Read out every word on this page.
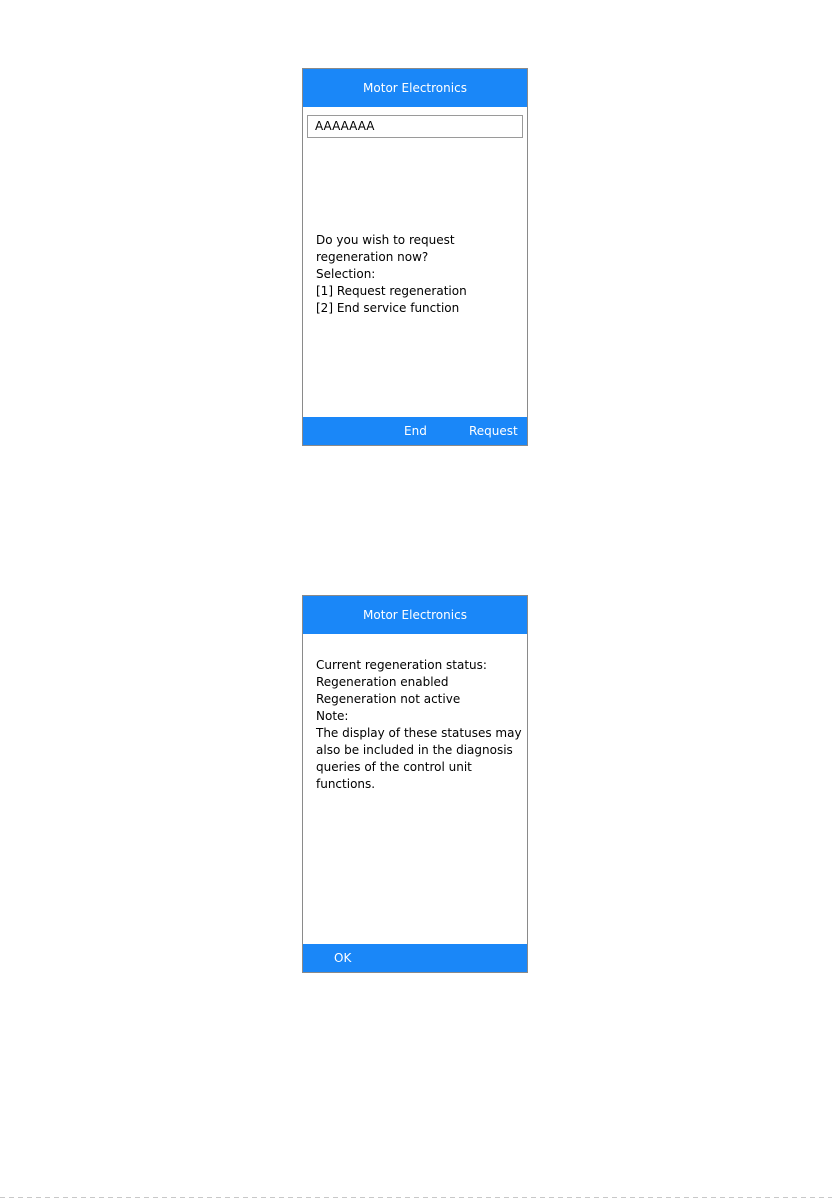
Motor Electronics
AAAAAAA
Do you wish to request regeneration now?
Selection:
[1] Request regeneration
[2] End service function
End	Request
Motor Electronics
Current regeneration status:
Regeneration enabled
Regeneration not active
Note:
The display of these statuses may also be included in the diagnosis queries of the control unit functions.
OK
